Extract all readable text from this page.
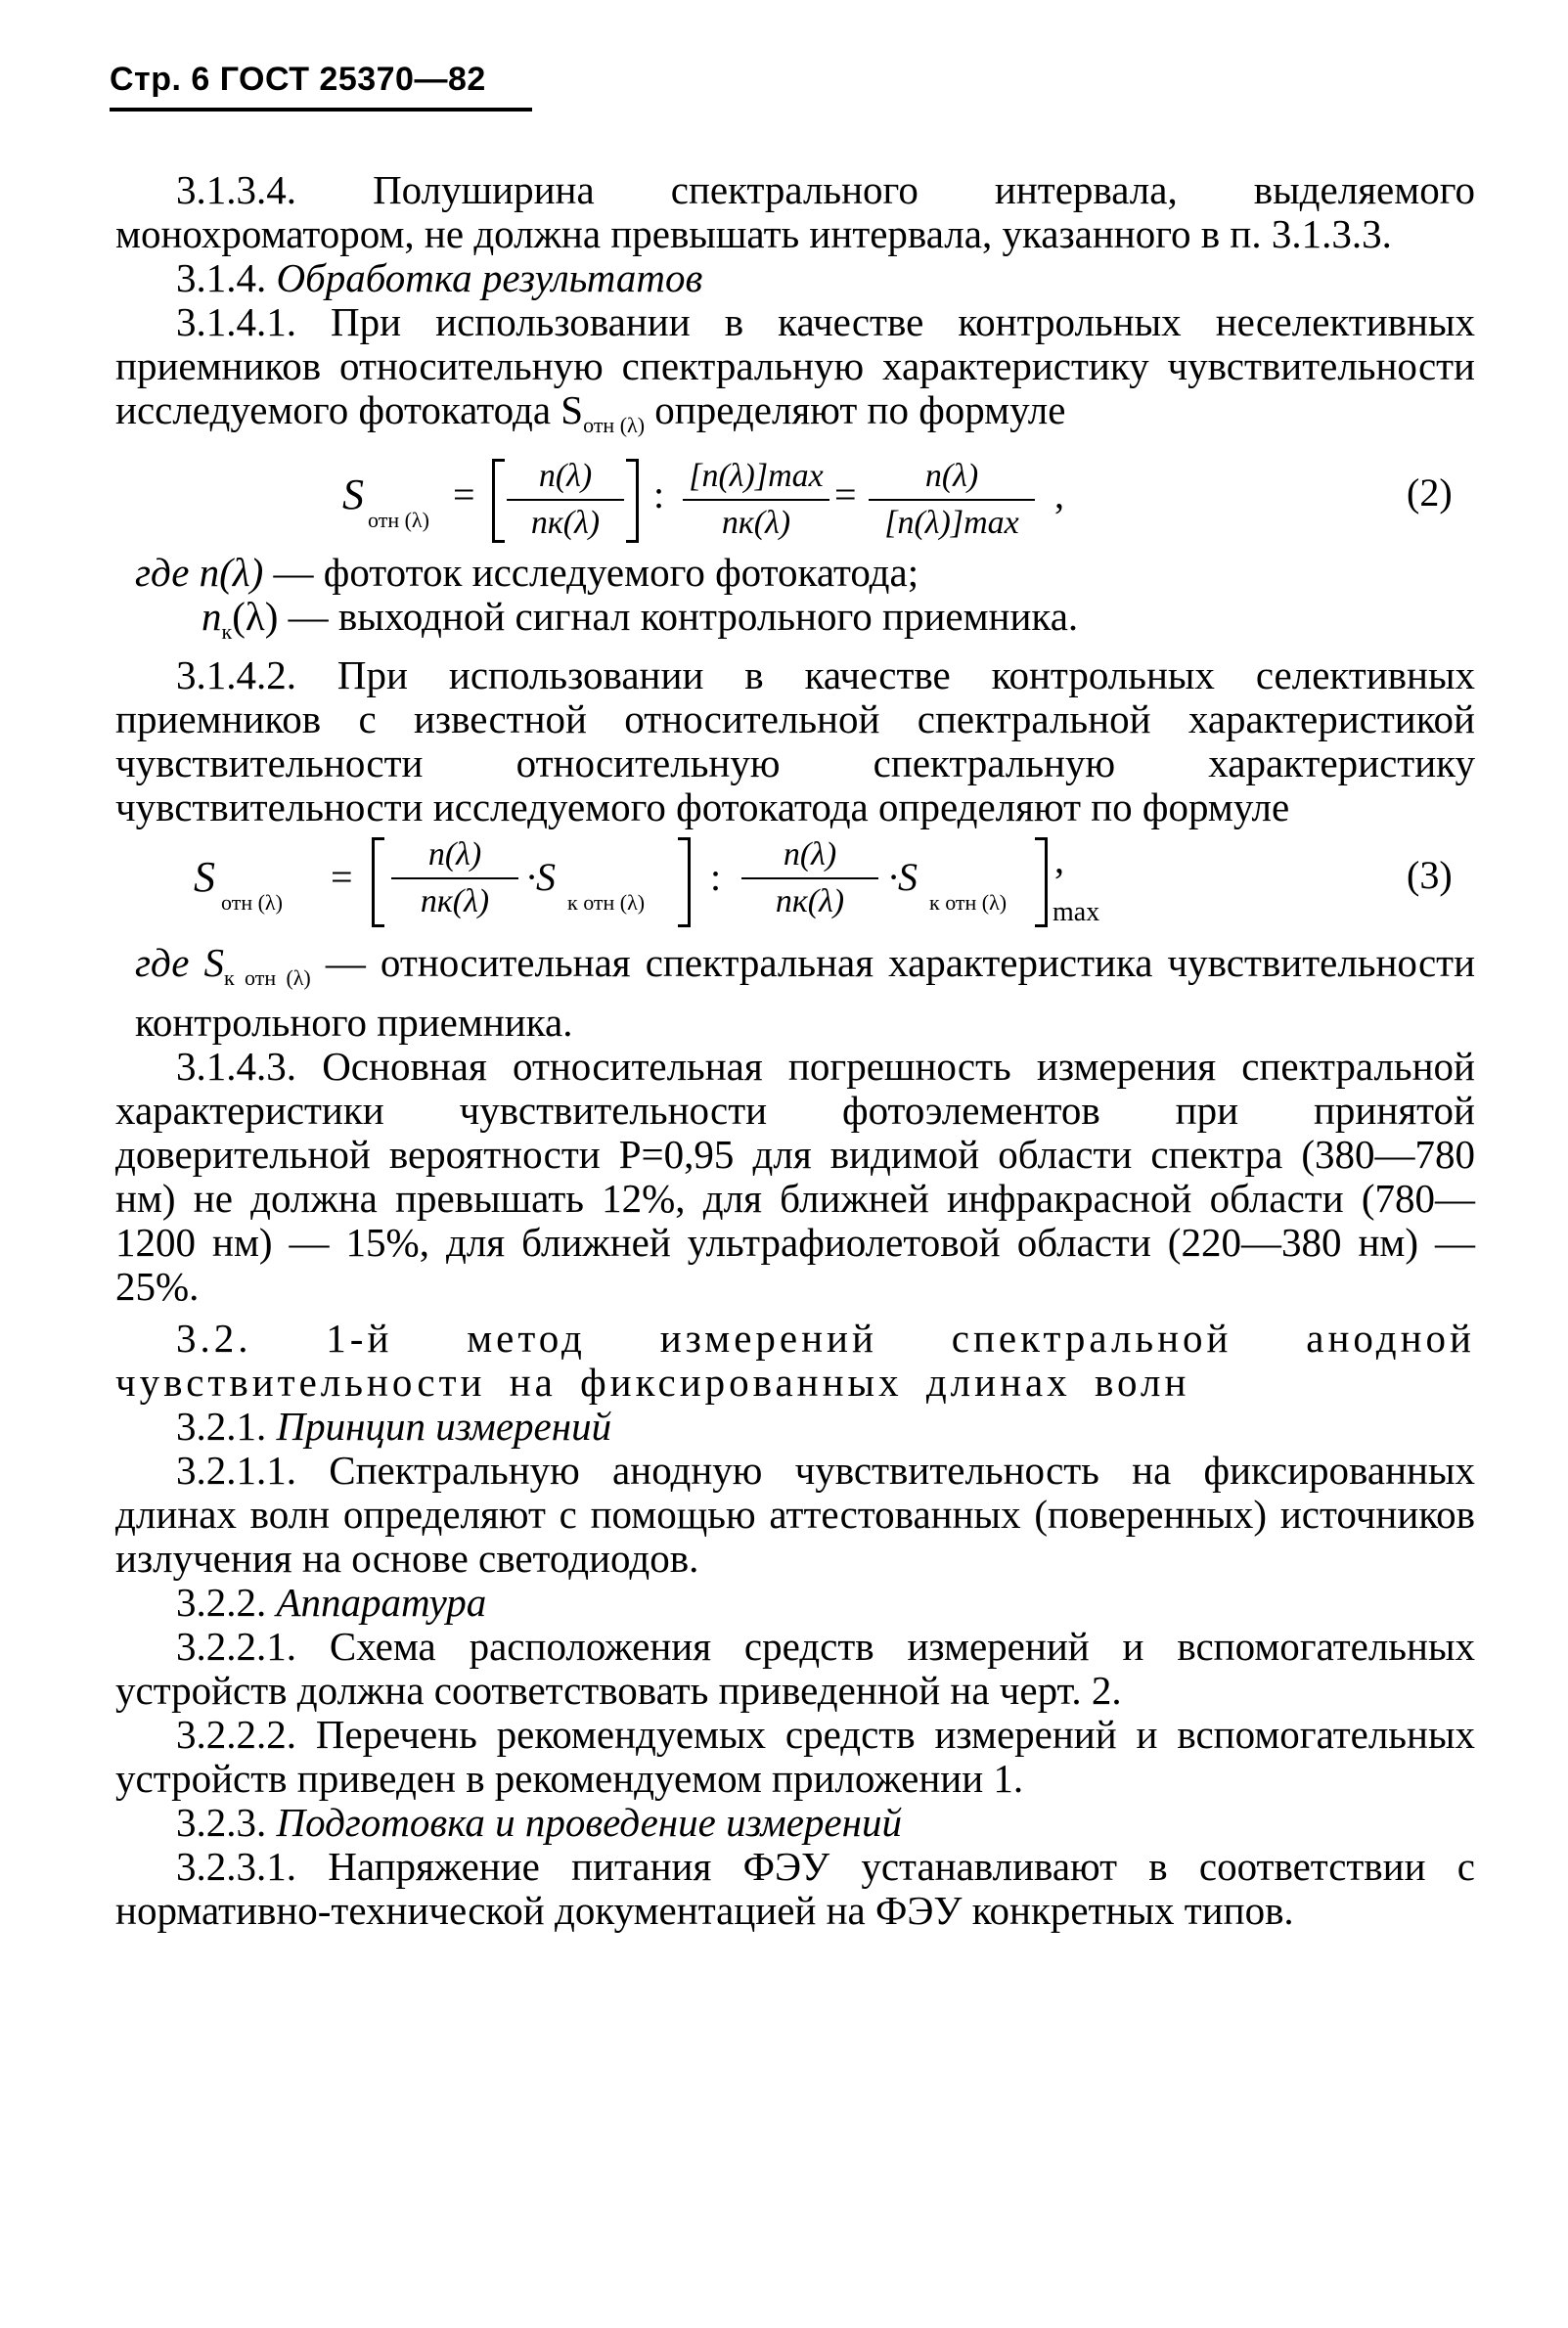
Стр. 6 ГОСТ 25370—82

3.1.3.4. Полуширина спектрального интервала, выделяемого монохроматором, не должна превышать интервала, указанного в п. 3.1.3.3.

3.1.4. Обработка результатов

3.1.4.1. При использовании в качестве контрольных неселективных приемников относительную спектральную характеристику чувствительности исследуемого фотокатода $S_{отн (\lambda)}$ определяют по формуле

S
отн (λ)
=	n(λ)
nк(λ)
: [n(λ)]max
nк(λ)
=	n(λ)
[n(λ)]max
,	(2)

где n(λ) — фототок исследуемого фотокатода;

$n_к(\lambda)$ — выходной сигнал контрольного приемника.

3.1.4.2. При использовании в качестве контрольных селективных приемников с известной относительной спектральной характеристикой чувствительности относительную спектральную характеристику чувствительности исследуемого фотокатода определяют по формуле

S
отн (λ)
=
n(λ)
nк(λ)
·S
к отн (λ)
:
n(λ)
nк(λ)
·S
к отн (λ)
,
max
(3)

где $S_{к отн (\lambda)}$ — относительная спектральная характеристика чувствительности контрольного приемника.

3.1.4.3. Основная относительная погрешность измерения спектральной характеристики чувствительности фотоэлементов при принятой доверительной вероятности P=0,95 для видимой области спектра (380—780 нм) не должна превышать 12%, для ближней инфракрасной области (780—1200 нм) — 15%, для ближней ультрафиолетовой области (220—380 нм) — 25%.

3.2. 1-й метод измерений спектральной анодной чувствительности на фиксированных длинах волн

3.2.1. Принцип измерений

3.2.1.1. Спектральную анодную чувствительность на фиксированных длинах волн определяют с помощью аттестованных (поверенных) источников излучения на основе светодиодов.

3.2.2. Аппаратура

3.2.2.1. Схема расположения средств измерений и вспомогательных устройств должна соответствовать приведенной на черт. 2.

3.2.2.2. Перечень рекомендуемых средств измерений и вспомогательных устройств приведен в рекомендуемом приложении 1.

3.2.3. Подготовка и проведение измерений

3.2.3.1. Напряжение питания ФЭУ устанавливают в соответствии с нормативно-технической документацией на ФЭУ конкретных типов.
